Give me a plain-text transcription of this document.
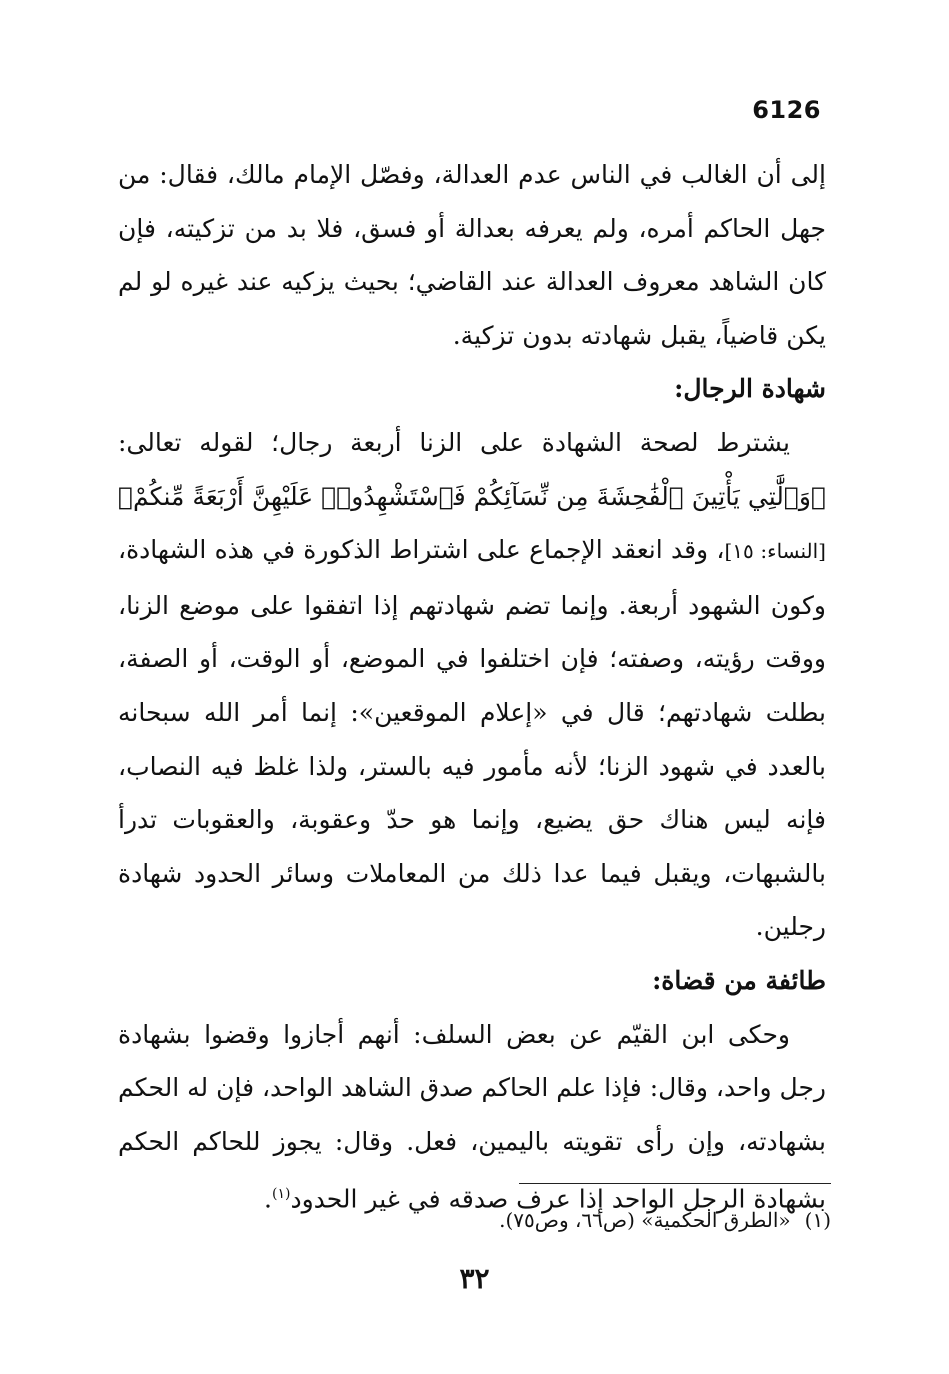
6126

إلى أن الغالب في الناس عدم العدالة، وفصّل الإمام مالك، فقال: من جهل الحاكم أمره، ولم يعرفه بعدالة أو فسق، فلا بد من تزكيته، فإن كان الشاهد معروف العدالة عند القاضي؛ بحيث يزكيه عند غيره لو لم يكن قاضياً، يقبل شهادته بدون تزكية.

شهادة الرجال:

يشترط لصحة الشهادة على الزنا أربعة رجال؛ لقوله تعالى: ﴿وَٱلَّٰتِي يَأْتِينَ ٱلْفَٰحِشَةَ مِن نِّسَآئِكُمْ فَٱسْتَشْهِدُوا۟ عَلَيْهِنَّ أَرْبَعَةً مِّنكُمْ﴾[النساء: ١٥]، وقد انعقد الإجماع على اشتراط الذكورة في هذه الشهادة، وكون الشهود أربعة. وإنما تضم شهادتهم إذا اتفقوا على موضع الزنا، ووقت رؤيته، وصفته؛ فإن اختلفوا في الموضع، أو الوقت، أو الصفة، بطلت شهادتهم؛ قال في «إعلام الموقعين»: إنما أمر الله سبحانه بالعدد في شهود الزنا؛ لأنه مأمور فيه بالستر، ولذا غلظ فيه النصاب، فإنه ليس هناك حق يضيع، وإنما هو حدّ وعقوبة، والعقوبات تدرأ بالشبهات، ويقبل فيما عدا ذلك من المعاملات وسائر الحدود شهادة رجلين.

طائفة من قضاة:

وحكى ابن القيّم عن بعض السلف: أنهم أجازوا وقضوا بشهادة رجل واحد، وقال: فإذا علم الحاكم صدق الشاهد الواحد، فإن له الحكم بشهادته، وإن رأى تقويته باليمين، فعل. وقال: يجوز للحاكم الحكم بشهادة الرجل الواحد إذا عرف صدقه في غير الحدود$^{(١)}$.

(١)«الطرق الحكمية» (ص٦٦، وص٧٥).
٣٢
